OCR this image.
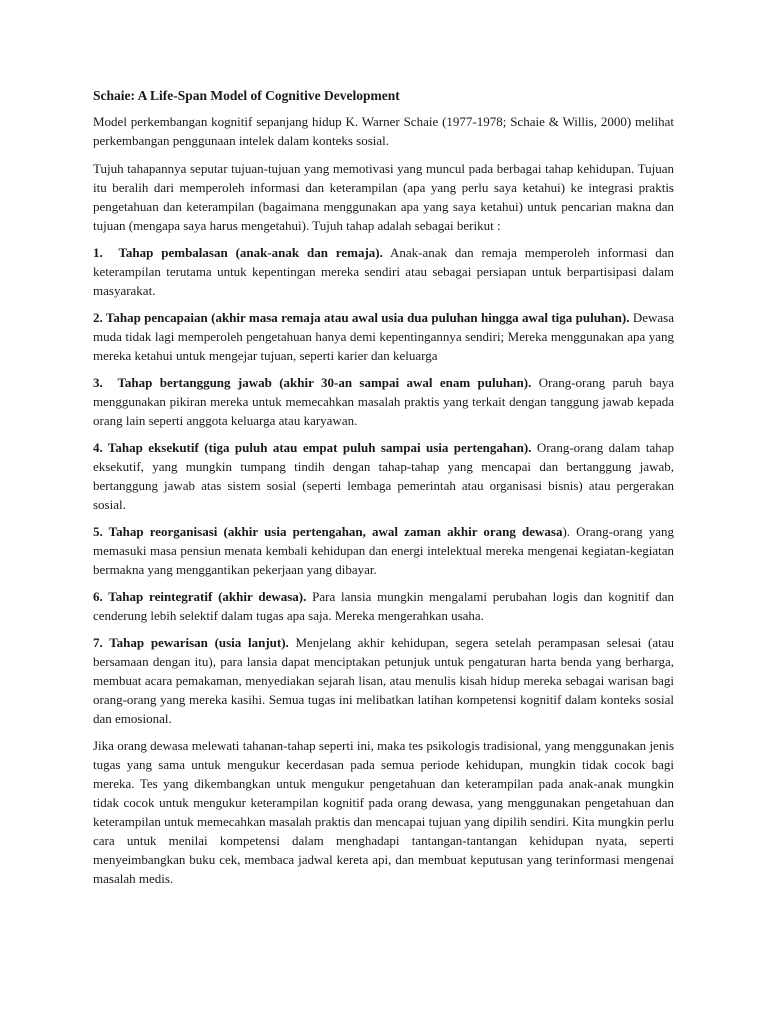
Schaie: A Life-Span Model of Cognitive Development

Model perkembangan kognitif sepanjang hidup K. Warner Schaie (1977-1978; Schaie & Willis, 2000) melihat perkembangan penggunaan intelek dalam konteks sosial.

Tujuh tahapannya seputar tujuan-tujuan yang memotivasi yang muncul pada berbagai tahap kehidupan. Tujuan itu beralih dari memperoleh informasi dan keterampilan (apa yang perlu saya ketahui) ke integrasi praktis pengetahuan dan keterampilan (bagaimana menggunakan apa yang saya ketahui) untuk pencarian makna dan tujuan (mengapa saya harus mengetahui). Tujuh tahap adalah sebagai berikut :

1.  Tahap pembalasan (anak-anak dan remaja). Anak-anak dan remaja memperoleh informasi dan keterampilan terutama untuk kepentingan mereka sendiri atau sebagai persiapan untuk berpartisipasi dalam masyarakat.

2. Tahap pencapaian (akhir masa remaja atau awal usia dua puluhan hingga awal tiga puluhan). Dewasa muda tidak lagi memperoleh pengetahuan hanya demi kepentingannya sendiri; Mereka menggunakan apa yang mereka ketahui untuk mengejar tujuan, seperti karier dan keluarga

3.  Tahap bertanggung jawab (akhir 30-an sampai awal enam puluhan). Orang-orang paruh baya menggunakan pikiran mereka untuk memecahkan masalah praktis yang terkait dengan tanggung jawab kepada orang lain seperti anggota keluarga atau karyawan.

4. Tahap eksekutif (tiga puluh atau empat puluh sampai usia pertengahan). Orang-orang dalam tahap eksekutif, yang mungkin tumpang tindih dengan tahap-tahap yang mencapai dan bertanggung jawab, bertanggung jawab atas sistem sosial (seperti lembaga pemerintah atau organisasi bisnis) atau pergerakan sosial.

5. Tahap reorganisasi (akhir usia pertengahan, awal zaman akhir orang dewasa). Orang-orang yang memasuki masa pensiun menata kembali kehidupan dan energi intelektual mereka mengenai kegiatan-kegiatan bermakna yang menggantikan pekerjaan yang dibayar.

6. Tahap reintegratif (akhir dewasa). Para lansia mungkin mengalami perubahan logis dan kognitif dan cenderung lebih selektif dalam tugas apa saja. Mereka mengerahkan usaha.

7. Tahap pewarisan (usia lanjut). Menjelang akhir kehidupan, segera setelah perampasan selesai (atau bersamaan dengan itu), para lansia dapat menciptakan petunjuk untuk pengaturan harta benda yang berharga, membuat acara pemakaman, menyediakan sejarah lisan, atau menulis kisah hidup mereka sebagai warisan bagi orang-orang yang mereka kasihi. Semua tugas ini melibatkan latihan kompetensi kognitif dalam konteks sosial dan emosional.

Jika orang dewasa melewati tahanan-tahap seperti ini, maka tes psikologis tradisional, yang menggunakan jenis tugas yang sama untuk mengukur kecerdasan pada semua periode kehidupan, mungkin tidak cocok bagi mereka. Tes yang dikembangkan untuk mengukur pengetahuan dan keterampilan pada anak-anak mungkin tidak cocok untuk mengukur keterampilan kognitif pada orang dewasa, yang menggunakan pengetahuan dan keterampilan untuk memecahkan masalah praktis dan mencapai tujuan yang dipilih sendiri. Kita mungkin perlu cara untuk menilai kompetensi dalam menghadapi tantangan-tantangan kehidupan nyata, seperti menyeimbangkan buku cek, membaca jadwal kereta api, dan membuat keputusan yang terinformasi mengenai masalah medis.
